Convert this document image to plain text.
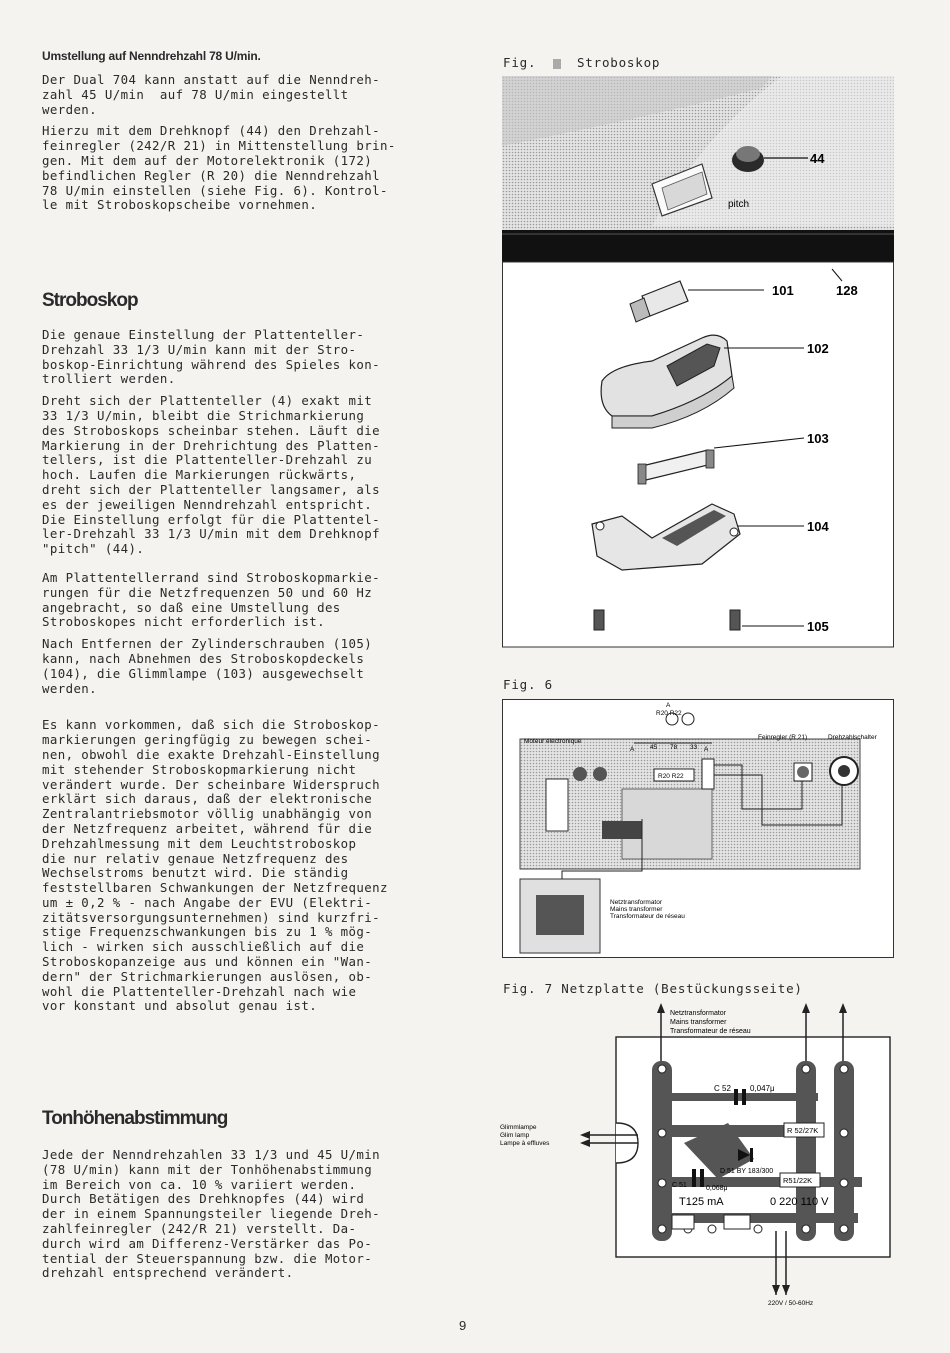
Umstellung auf Nenndrehzahl 78 U/min.

Der Dual 704 kann anstatt auf die Nenndreh-
zahl 45 U/min  auf 78 U/min eingestellt
werden.

Hierzu mit dem Drehknopf (44) den Drehzahl-
feinregler (242/R 21) in Mittenstellung brin-
gen. Mit dem auf der Motorelektronik (172)
befindlichen Regler (R 20) die Nenndrehzahl
78 U/min einstellen (siehe Fig. 6). Kontrol-
le mit Stroboskopscheibe vornehmen.

Stroboskop

Die genaue Einstellung der Plattenteller-
Drehzahl 33 1/3 U/min kann mit der Stro-
boskop-Einrichtung während des Spieles kon-
trolliert werden.

Dreht sich der Plattenteller (4) exakt mit
33 1/3 U/min, bleibt die Strichmarkierung
des Stroboskops scheinbar stehen. Läuft die
Markierung in der Drehrichtung des Platten-
tellers, ist die Plattenteller-Drehzahl zu
hoch. Laufen die Markierungen rückwärts,
dreht sich der Plattenteller langsamer, als
es der jeweiligen Nenndrehzahl entspricht.
Die Einstellung erfolgt für die Plattentel-
ler-Drehzahl 33 1/3 U/min mit dem Drehknopf
"pitch" (44).

Am Plattentellerrand sind Stroboskopmarkie-
rungen für die Netzfrequenzen 50 und 60 Hz
angebracht, so daß eine Umstellung des
Stroboskopes nicht erforderlich ist.

Nach Entfernen der Zylinderschrauben (105)
kann, nach Abnehmen des Stroboskopdeckels
(104), die Glimmlampe (103) ausgewechselt
werden.

Es kann vorkommen, daß sich die Stroboskop-
markierungen geringfügig zu bewegen schei-
nen, obwohl die exakte Drehzahl-Einstellung
mit stehender Stroboskopmarkierung nicht
verändert wurde. Der scheinbare Widerspruch
erklärt sich daraus, daß der elektronische
Zentralantriebsmotor völlig unabhängig von
der Netzfrequenz arbeitet, während für die
Drehzahlmessung mit dem Leuchtstroboskop
die nur relativ genaue Netzfrequenz des
Wechselstroms benutzt wird. Die ständig
feststellbaren Schwankungen der Netzfrequenz
um ± 0,2 % - nach Angabe der EVU (Elektri-
zitätsversorgungsunternehmen) sind kurzfri-
stige Frequenzschwankungen bis zu 1 % mög-
lich - wirken sich ausschließlich auf die
Stroboskopanzeige aus und können ein "Wan-
dern" der Strichmarkierungen auslösen, ob-
wohl die Plattenteller-Drehzahl nach wie
vor konstant und absolut genau ist.

Tonhöhenabstimmung

Jede der Nenndrehzahlen 33 1/3 und 45 U/min
(78 U/min) kann mit der Tonhöhenabstimmung
im Bereich von ca. 10 % variiert werden.
Durch Betätigen des Drehknopfes (44) wird
der in einem Spannungsteiler liegende Dreh-
zahlfeinregler (242/R 21) verstellt. Da-
durch wird am Differenz-Verstärker das Po-
tential der Steuerspannung bzw. die Motor-
drehzahl entsprechend verändert.

Fig.	Stroboskop
44
pitch
101	128
102
103
104
105
Fig. 6
A
R20 R22
A	A
45 78 33
R20 R22
Moteur électronique
Feinregler (R 21)	Drehzahlschalter
Netztransformator
Mains transformer
Transformateur de réseau
Fig. 7 Netzplatte (Bestückungsseite)
Netztransformator
Mains transformer
Transformateur de réseau
C 52 0,047μ
R 52/27K
D 51 BY 183/300
C 51	0,068μ
R51/22K
T125 mA	0 220 110 V
Glimmlampe
Glim lamp
Lampe à effluves
220V / 50-60Hz
9
